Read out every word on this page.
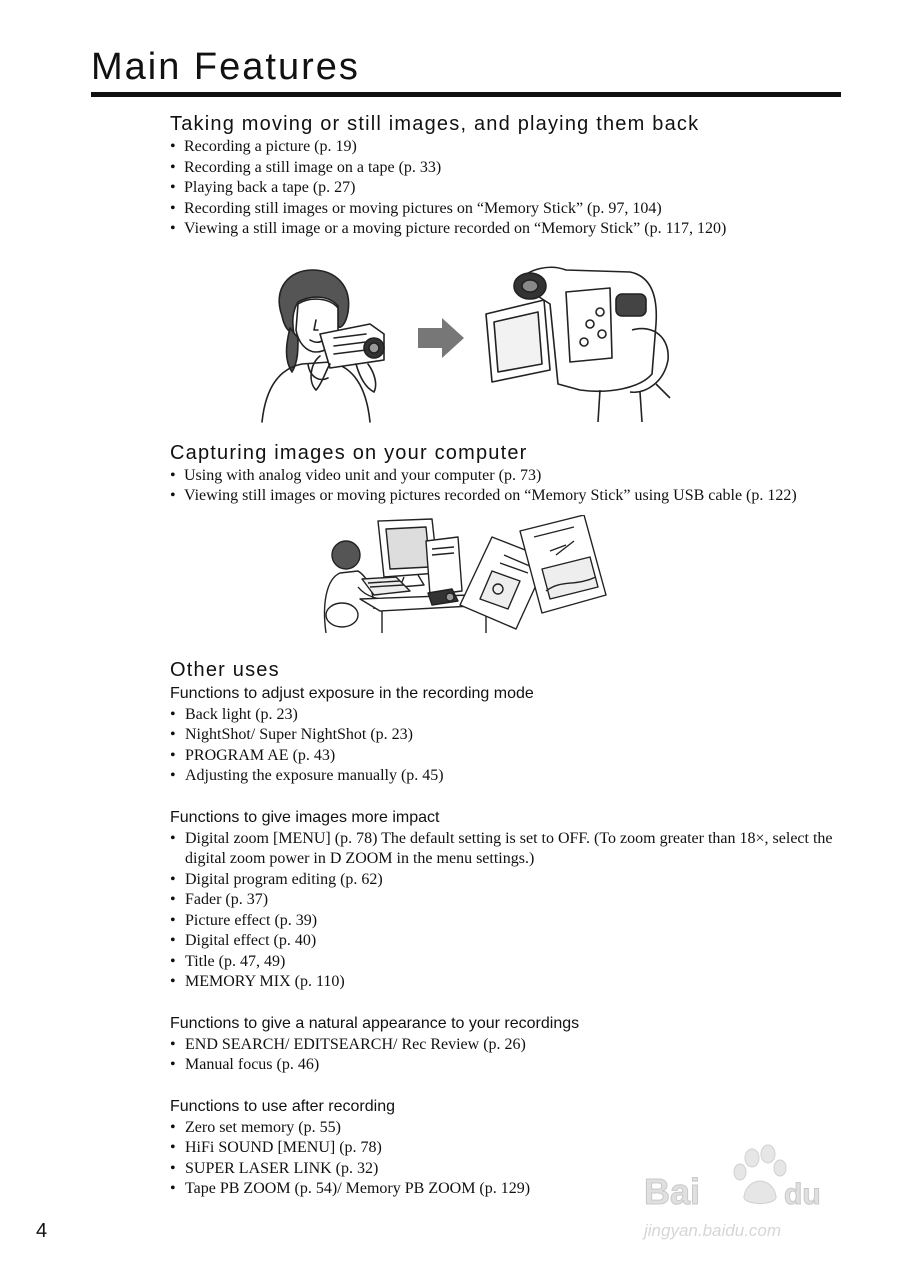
Main Features
Taking moving or still images, and playing them back
• Recording a picture (p. 19)
• Recording a still image on a tape (p. 33)
• Playing back a tape (p. 27)
• Recording still images or moving pictures on “Memory Stick” (p. 97, 104)
• Viewing a still image or a moving picture recorded on “Memory Stick” (p. 117, 120)
Capturing images on your computer
• Using with analog video unit and your computer (p. 73)
• Viewing still images or moving pictures recorded on “Memory Stick” using USB cable (p. 122)
Other uses
Functions to adjust exposure in the recording mode
• Back light (p. 23)
• NightShot/ Super NightShot (p. 23)
• PROGRAM AE (p. 43)
• Adjusting the exposure manually (p. 45)
Functions to give images more impact
• Digital zoom [MENU] (p. 78) The default setting is set to OFF. (To zoom greater than 18×, select the digital zoom power in D ZOOM in the menu settings.)
• Digital program editing (p. 62)
• Fader (p. 37)
• Picture effect (p. 39)
• Digital effect (p. 40)
• Title (p. 47, 49)
• MEMORY MIX (p. 110)
Functions to give a natural appearance to your recordings
• END SEARCH/ EDITSEARCH/ Rec Review (p. 26)
• Manual focus (p. 46)
Functions to use after recording
• Zero set memory (p. 55)
• HiFi SOUND [MENU] (p. 78)
• SUPER LASER LINK (p. 32)
• Tape PB ZOOM (p. 54)/ Memory PB ZOOM (p. 129)
4
Bai	du
jingyan.baidu.com
